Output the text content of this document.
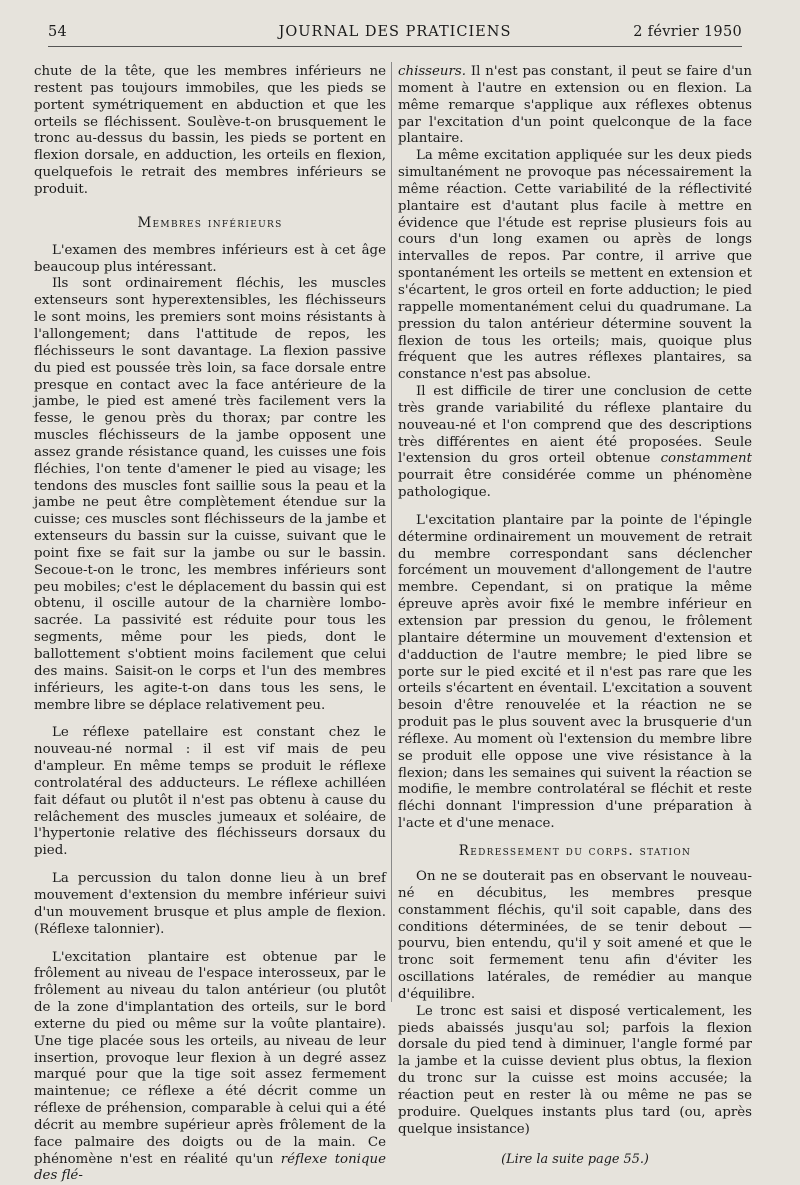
54	JOURNAL DES PRATICIENS	2 février 1950

chute de la tête, que les membres inférieurs ne restent pas toujours immobiles, que les pieds se portent symétriquement en abduction et que les orteils se fléchissent. Soulève-t-on brusquement le tronc au-dessus du bassin, les pieds se portent en flexion dorsale, en adduction, les orteils en flexion, quelquefois le retrait des membres inférieurs se produit.

Membres inférieurs

L'examen des membres inférieurs est à cet âge beaucoup plus intéressant.

Ils sont ordinairement fléchis, les muscles extenseurs sont hyperextensibles, les fléchisseurs le sont moins, les premiers sont moins résistants à l'allongement; dans l'attitude de repos, les fléchisseurs le sont davantage. La flexion passive du pied est poussée très loin, sa face dorsale entre presque en contact avec la face antérieure de la jambe, le pied est amené très facilement vers la fesse, le genou près du thorax; par contre les muscles fléchisseurs de la jambe opposent une assez grande résistance quand, les cuisses une fois fléchies, l'on tente d'amener le pied au visage; les tendons des muscles font saillie sous la peau et la jambe ne peut être complètement étendue sur la cuisse; ces muscles sont fléchisseurs de la jambe et extenseurs du bassin sur la cuisse, suivant que le point fixe se fait sur la jambe ou sur le bassin. Secoue-t-on le tronc, les membres inférieurs sont peu mobiles; c'est le déplacement du bassin qui est obtenu, il oscille autour de la charnière lombo-sacrée. La passivité est réduite pour tous les segments, même pour les pieds, dont le ballottement s'obtient moins facilement que celui des mains. Saisit-on le corps et l'un des membres inférieurs, les agite-t-on dans tous les sens, le membre libre se déplace relativement peu.

Le réflexe patellaire est constant chez le nouveau-né normal : il est vif mais de peu d'ampleur. En même temps se produit le réflexe controlatéral des adducteurs. Le réflexe achilléen fait défaut ou plutôt il n'est pas obtenu à cause du relâchement des muscles jumeaux et soléaire, de l'hypertonie relative des fléchisseurs dorsaux du pied.

La percussion du talon donne lieu à un bref mouvement d'extension du membre inférieur suivi d'un mouvement brusque et plus ample de flexion. (Réflexe talonnier).

L'excitation plantaire est obtenue par le frôlement au niveau de l'espace interosseux, par le frôlement au niveau du talon antérieur (ou plutôt de la zone d'implantation des orteils, sur le bord externe du pied ou même sur la voûte plantaire). Une tige placée sous les orteils, au niveau de leur insertion, provoque leur flexion à un degré assez marqué pour que la tige soit assez fermement maintenue; ce réflexe a été décrit comme un réflexe de préhension, comparable à celui qui a été décrit au membre supérieur après frôlement de la face palmaire des doigts ou de la main. Ce phénomène n'est en réalité qu'un réflexe tonique des flé-

chisseurs. Il n'est pas constant, il peut se faire d'un moment à l'autre en extension ou en flexion. La même remarque s'applique aux réflexes obtenus par l'excitation d'un point quelconque de la face plantaire.

La même excitation appliquée sur les deux pieds simultanément ne provoque pas nécessairement la même réaction. Cette variabilité de la réflectivité plantaire est d'autant plus facile à mettre en évidence que l'étude est reprise plusieurs fois au cours d'un long examen ou après de longs intervalles de repos. Par contre, il arrive que spontanément les orteils se mettent en extension et s'écartent, le gros orteil en forte adduction; le pied rappelle momentanément celui du quadrumane. La pression du talon antérieur détermine souvent la flexion de tous les orteils; mais, quoique plus fréquent que les autres réflexes plantaires, sa constance n'est pas absolue.

Il est difficile de tirer une conclusion de cette très grande variabilité du réflexe plantaire du nouveau-né et l'on comprend que des descriptions très différentes en aient été proposées. Seule l'extension du gros orteil obtenue constamment pourrait être considérée comme un phénomène pathologique.

L'excitation plantaire par la pointe de l'épingle détermine ordinairement un mouvement de retrait du membre correspondant sans déclencher forcément un mouvement d'allongement de l'autre membre. Cependant, si on pratique la même épreuve après avoir fixé le membre inférieur en extension par pression du genou, le frôlement plantaire détermine un mouvement d'extension et d'adduction de l'autre membre; le pied libre se porte sur le pied excité et il n'est pas rare que les orteils s'écartent en éventail. L'excitation a souvent besoin d'être renouvelée et la réaction ne se produit pas le plus souvent avec la brusquerie d'un réflexe. Au moment où l'extension du membre libre se produit elle oppose une vive résistance à la flexion; dans les semaines qui suivent la réaction se modifie, le membre controlatéral se fléchit et reste fléchi donnant l'impression d'une préparation à l'acte et d'une menace.

Redressement du corps. station

On ne se douterait pas en observant le nouveau-né en décubitus, les membres presque constamment fléchis, qu'il soit capable, dans des conditions déterminées, de se tenir debout — pourvu, bien entendu, qu'il y soit amené et que le tronc soit fermement tenu afin d'éviter les oscillations latérales, de remédier au manque d'équilibre.

Le tronc est saisi et disposé verticalement, les pieds abaissés jusqu'au sol; parfois la flexion dorsale du pied tend à diminuer, l'angle formé par la jambe et la cuisse devient plus obtus, la flexion du tronc sur la cuisse est moins accusée; la réaction peut en rester là ou même ne pas se produire. Quelques instants plus tard (ou, après quelque insistance)

(Lire la suite page 55.)
